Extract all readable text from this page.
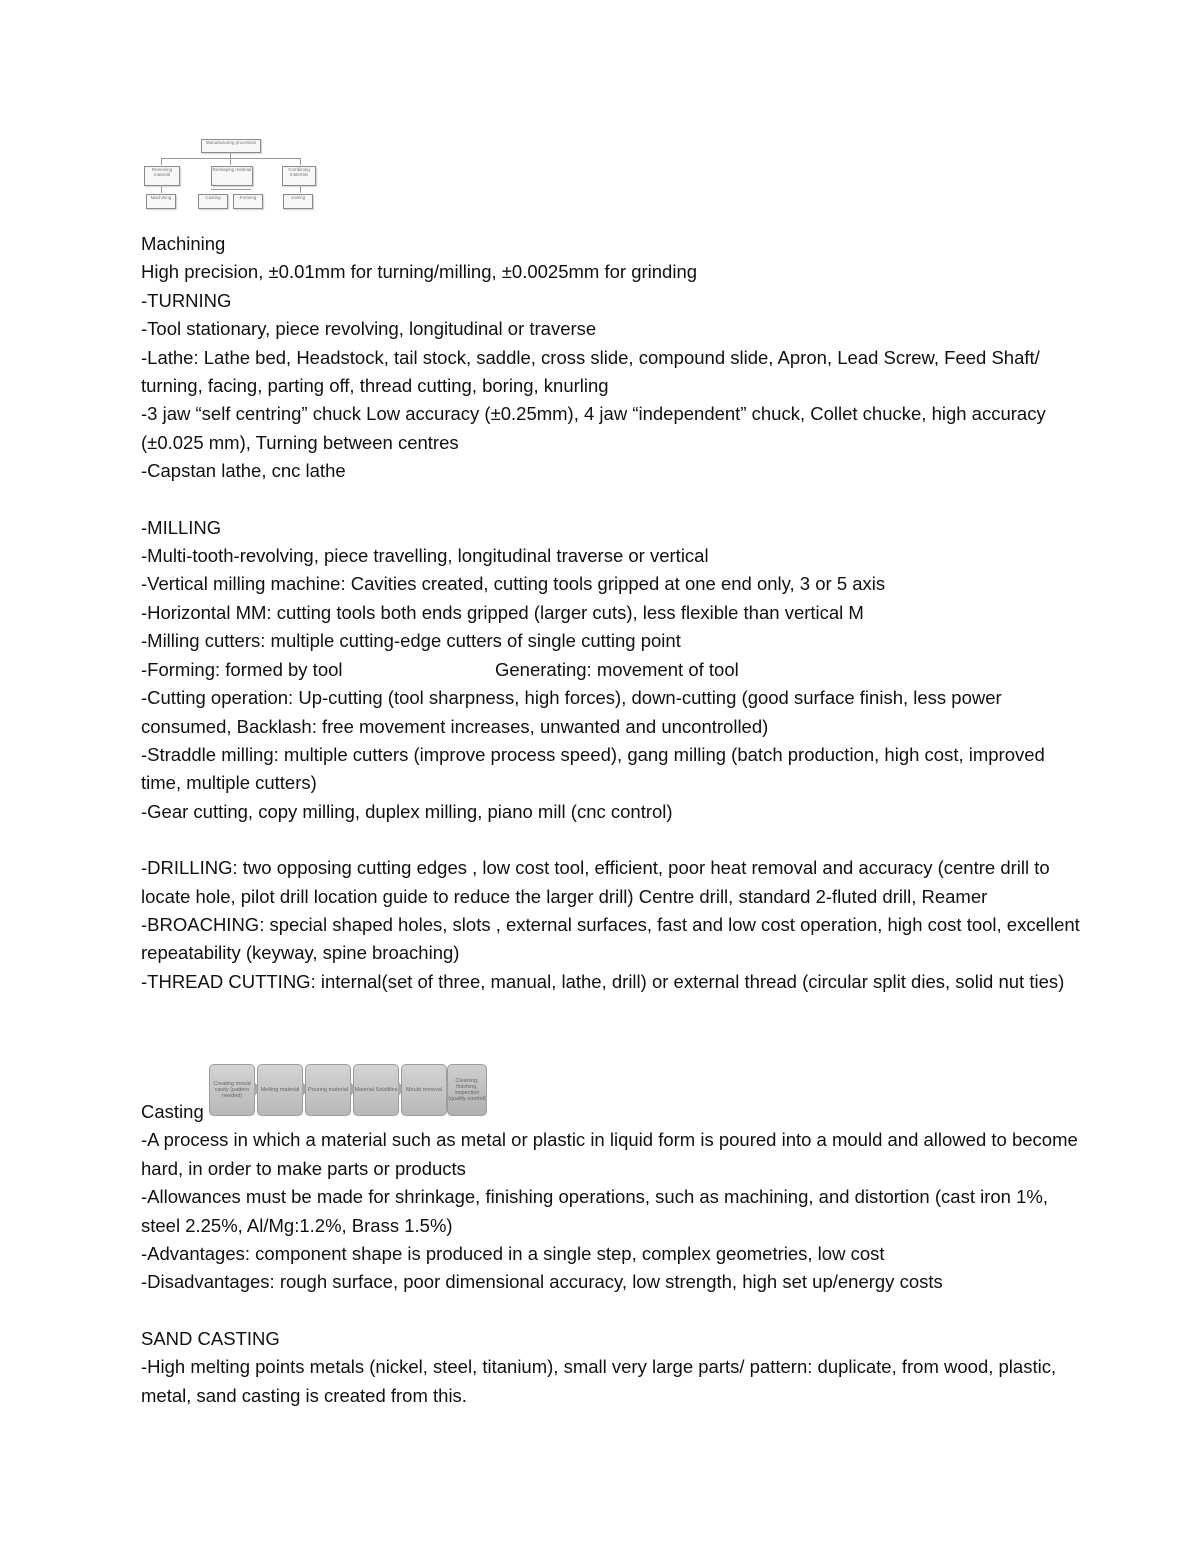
Manufacturing processes
Removing material
Reshaping material	Combining materials
Machining	Casting	Forming	Joining
Machining
High precision, ±0.01mm for turning/milling, ±0.0025mm for grinding
-TURNING
-Tool stationary, piece revolving, longitudinal or traverse
-Lathe: Lathe bed, Headstock, tail stock, saddle, cross slide, compound slide, Apron, Lead Screw, Feed Shaft/ turning, facing, parting off, thread cutting, boring, knurling
-3 jaw “self centring” chuck Low accuracy (±0.25mm), 4 jaw “independent” chuck, Collet chucke, high accuracy (±0.025 mm), Turning between centres
-Capstan lathe, cnc lathe
-MILLING
-Multi-tooth-revolving, piece travelling, longitudinal traverse or vertical
-Vertical milling machine: Cavities created, cutting tools gripped at one end only, 3 or 5 axis
-Horizontal MM: cutting tools both ends gripped (larger cuts), less flexible than vertical M
-Milling cutters: multiple cutting-edge cutters of single cutting point
-Forming: formed by tool	Generating: movement of tool
-Cutting operation: Up-cutting (tool sharpness, high forces), down-cutting (good surface finish, less power consumed, Backlash: free movement increases, unwanted and uncontrolled)
-Straddle milling: multiple cutters (improve process speed), gang milling (batch production, high cost, improved time, multiple cutters)
-Gear cutting, copy milling, duplex milling, piano mill (cnc control)
-DRILLING: two opposing cutting edges , low cost tool, efficient, poor heat removal and accuracy (centre drill to locate hole, pilot drill location guide to reduce the larger drill) Centre drill, standard 2-fluted drill, Reamer
-BROACHING: special shaped holes, slots , external surfaces, fast and low cost operation, high cost tool, excellent repeatability (keyway, spine broaching)
-THREAD CUTTING: internal(set of three, manual, lathe, drill) or external thread (circular split dies, solid nut ties)
Creating mould cavity (pattern needed)
Melting material	Pouring material	Material Solidifies	Mould removal
Cleaning, finishing, inspection (quality control)
Casting
-A process in which a material such as metal or plastic in liquid form is poured into a mould and allowed to become hard, in order to make parts or products
-Allowances must be made for shrinkage, finishing operations, such as machining, and distortion (cast iron 1%, steel 2.25%, Al/Mg:1.2%, Brass 1.5%)
-Advantages: component shape is produced in a single step, complex geometries, low cost
-Disadvantages: rough surface, poor dimensional accuracy, low strength, high set up/energy costs
SAND CASTING
-High melting points metals (nickel, steel, titanium), small very large parts/ pattern: duplicate, from wood, plastic, metal, sand casting is created from this.
